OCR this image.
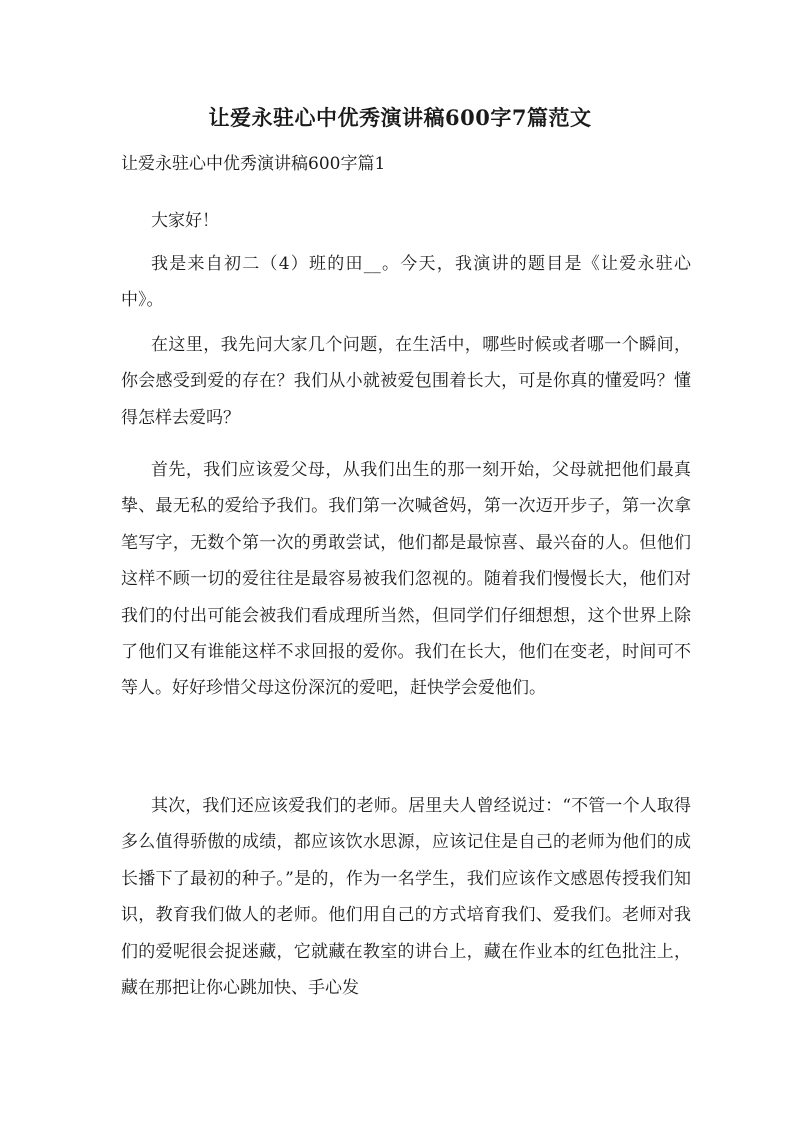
让爱永驻心中优秀演讲稿600字7篇范文
让爱永驻心中优秀演讲稿600字篇1

大家好！

我是来自初二（4）班的田__。今天，我演讲的题目是《让爱永驻心中》。

在这里，我先问大家几个问题，在生活中，哪些时候或者哪一个瞬间，你会感受到爱的存在？我们从小就被爱包围着长大，可是你真的懂爱吗？懂得怎样去爱吗？

首先，我们应该爱父母，从我们出生的那一刻开始，父母就把他们最真挚、最无私的爱给予我们。我们第一次喊爸妈，第一次迈开步子，第一次拿笔写字，无数个第一次的勇敢尝试，他们都是最惊喜、最兴奋的人。但他们这样不顾一切的爱往往是最容易被我们忽视的。随着我们慢慢长大，他们对我们的付出可能会被我们看成理所当然，但同学们仔细想想，这个世界上除了他们又有谁能这样不求回报的爱你。我们在长大，他们在变老，时间可不等人。好好珍惜父母这份深沉的爱吧，赶快学会爱他们。

其次，我们还应该爱我们的老师。居里夫人曾经说过：“不管一个人取得多么值得骄傲的成绩，都应该饮水思源，应该记住是自己的老师为他们的成长播下了最初的种子。”是的，作为一名学生，我们应该作文感恩传授我们知识，教育我们做人的老师。他们用自己的方式培育我们、爱我们。老师对我们的爱呢很会捉迷藏，它就藏在教室的讲台上，藏在作业本的红色批注上，藏在那把让你心跳加快、手心发
